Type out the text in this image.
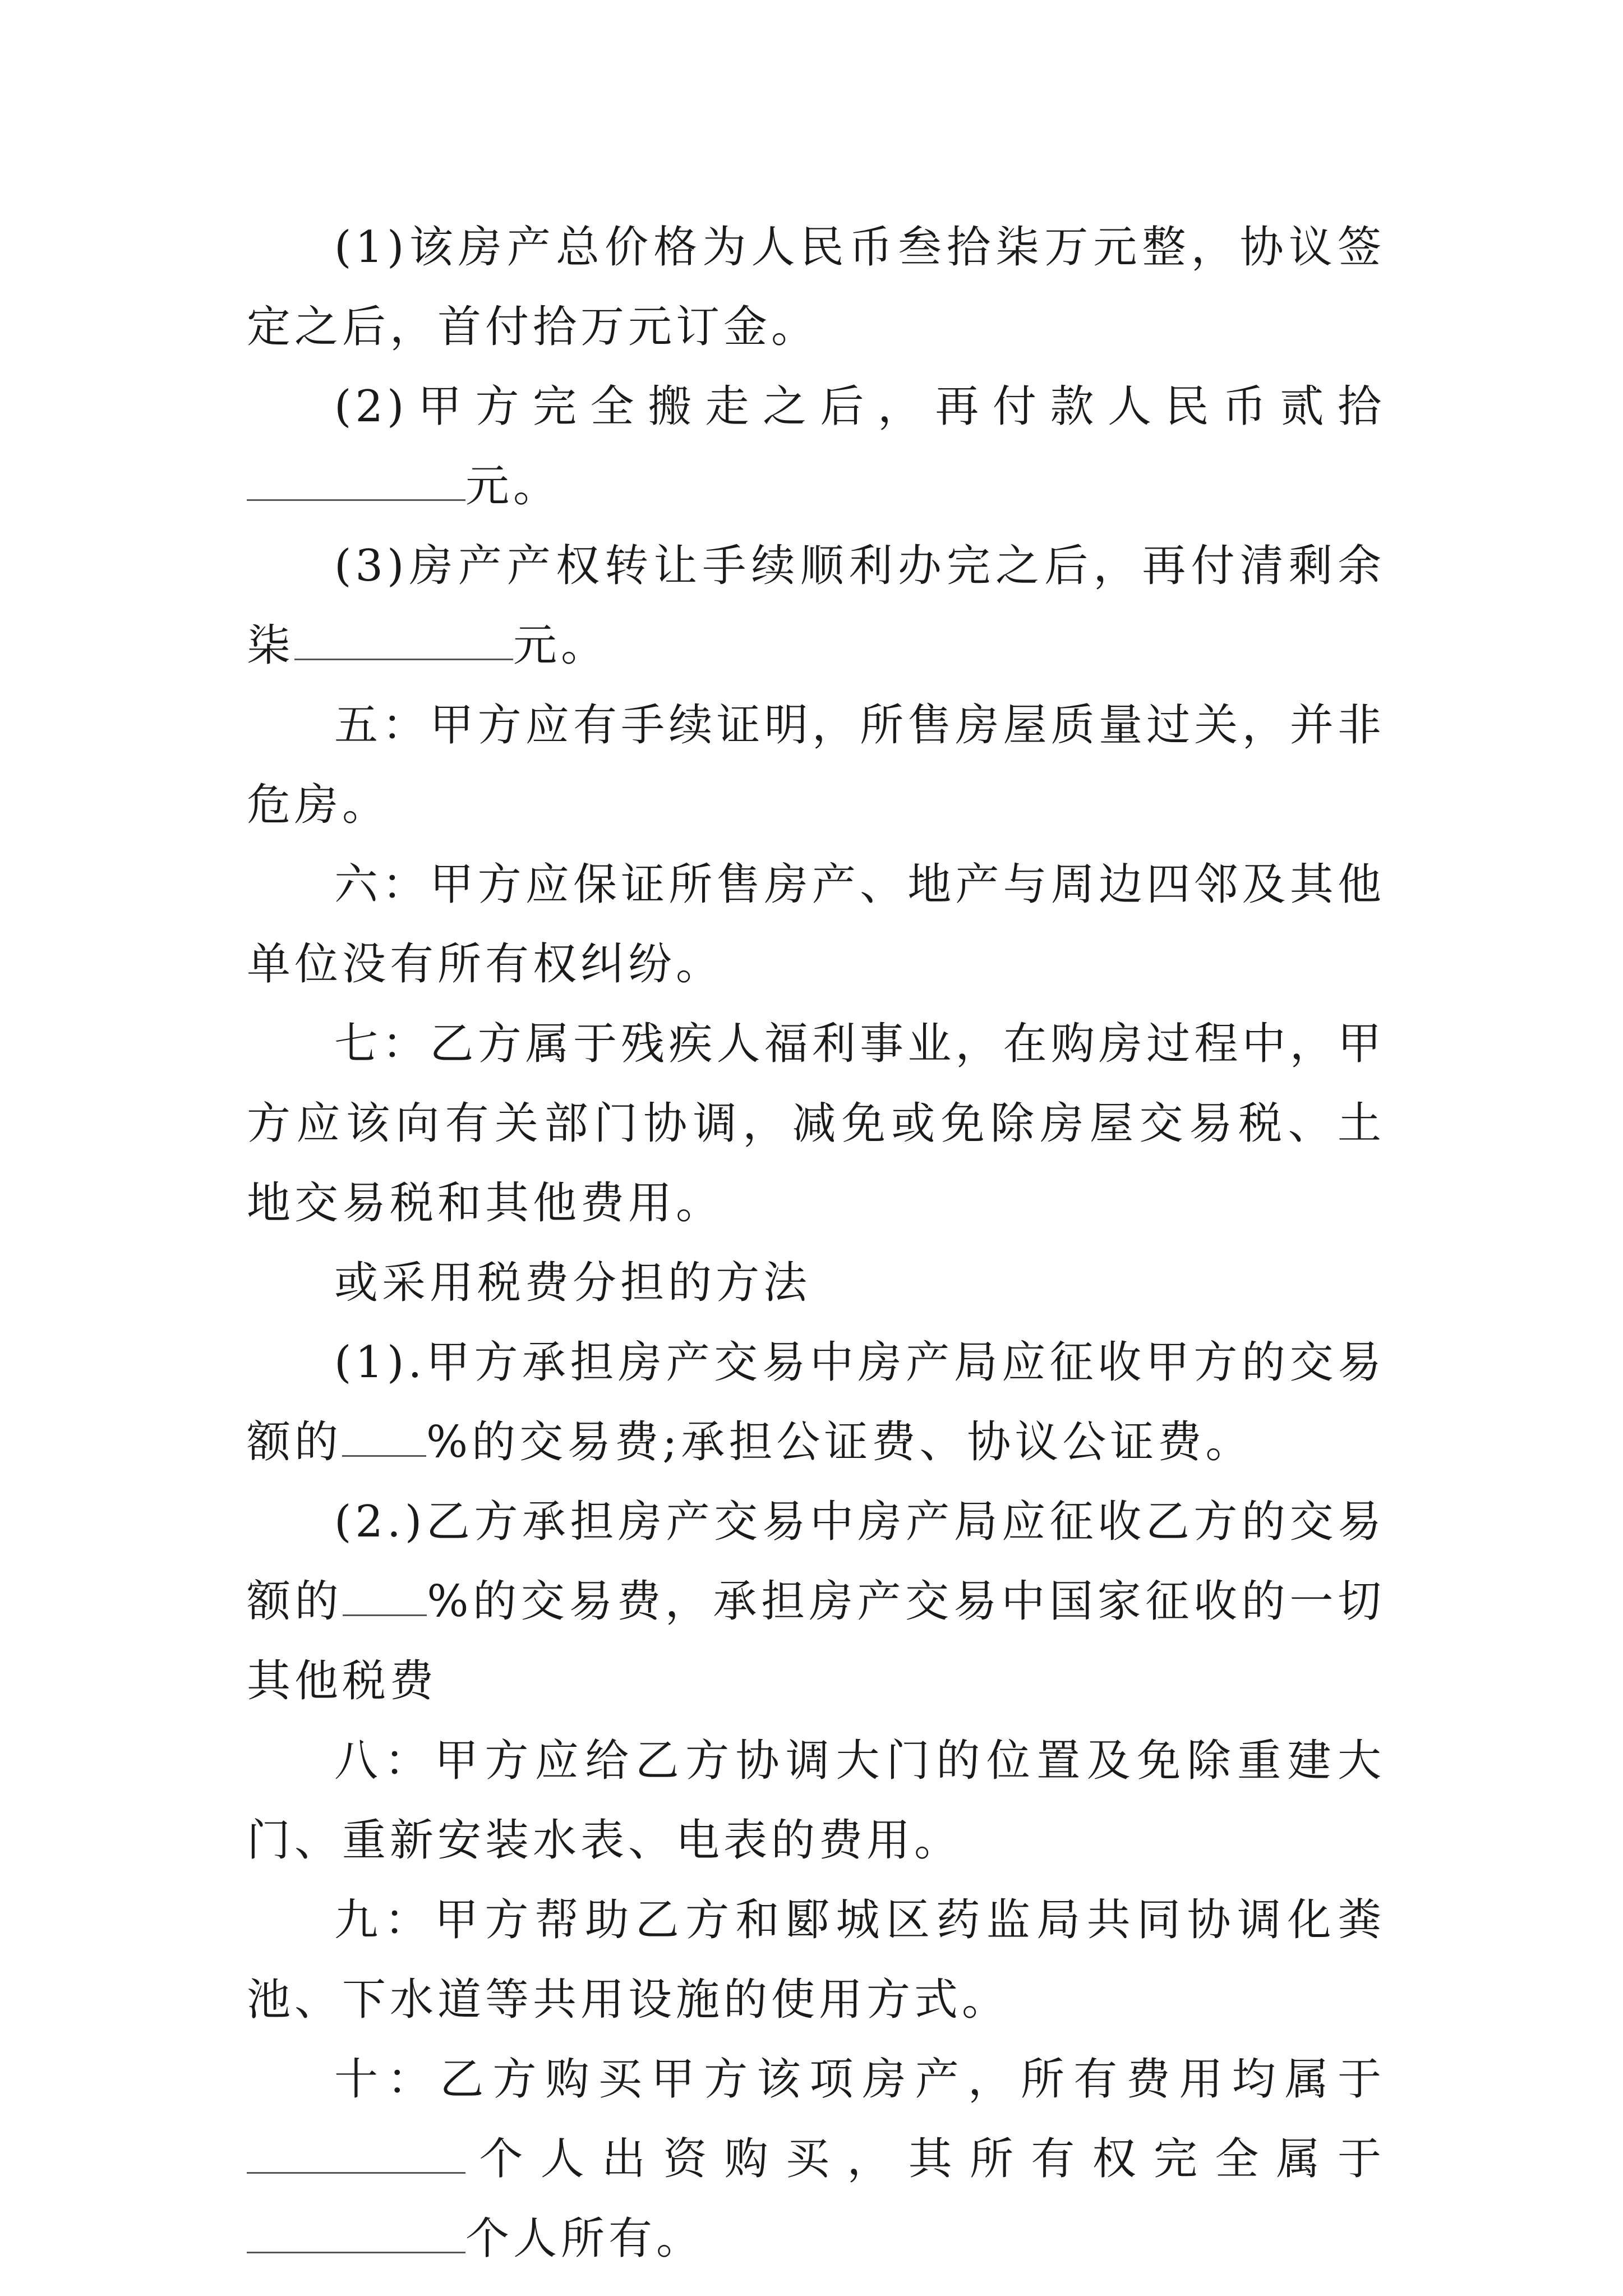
(1)该房产总价格为人民币叁拾柒万元整，协议签定之后，首付拾万元订金。

(2)甲方完全搬走之后，再付款人民币贰拾元。

(3)房产产权转让手续顺利办完之后，再付清剩余柒	元。

五：甲方应有手续证明，所售房屋质量过关，并非危房。

六：甲方应保证所售房产、地产与周边四邻及其他单位没有所有权纠纷。

七：乙方属于残疾人福利事业，在购房过程中，甲方应该向有关部门协调，减免或免除房屋交易税、土地交易税和其他费用。

或采用税费分担的方法

(1).甲方承担房产交易中房产局应征收甲方的交易额的 %的交易费;承担公证费、协议公证费。

(2.)乙方承担房产交易中房产局应征收乙方的交易额的 %的交易费，承担房产交易中国家征收的一切其他税费

八：甲方应给乙方协调大门的位置及免除重建大门、重新安装水表、电表的费用。

九：甲方帮助乙方和郾城区药监局共同协调化粪池、下水道等共用设施的使用方式。

十：乙方购买甲方该项房产，所有费用均属于个人出资购买，其所有权完全属于个人所有。
